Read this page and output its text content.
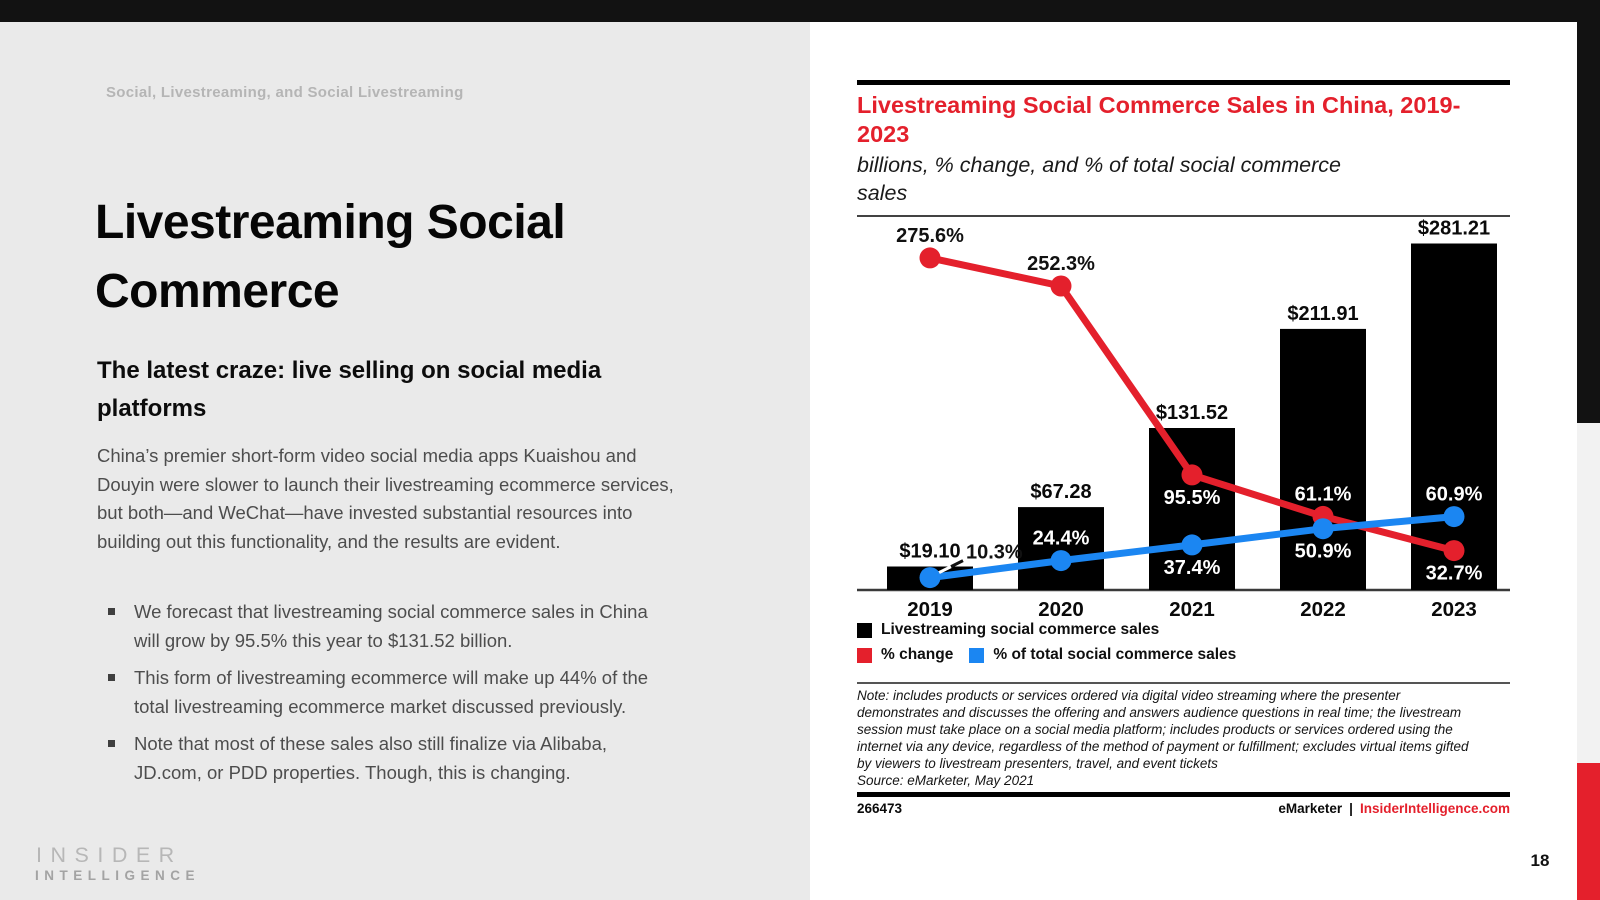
Social, Livestreaming, and Social Livestreaming
Livestreaming Social Commerce
The latest craze: live selling on social media platforms

China’s premier short-form video social media apps Kuaishou and Douyin were slower to launch their livestreaming ecommerce services, but both—and WeChat—have invested substantial resources into building out this functionality, and the results are evident.

We forecast that livestreaming social commerce sales in China will grow by 95.5% this year to $131.52 billion.
This form of livestreaming ecommerce will make up 44% of the total livestreaming ecommerce market discussed previously.
Note that most of these sales also still finalize via Alibaba, JD.com, or PDD properties. Though, this is changing.
INSIDER
INTELLIGENCE
Livestreaming Social Commerce Sales in China, 2019-2023
billions, % change, and % of total social commerce sales
$19.10
2019
$67.28
2020
$131.52
2021
$211.91
2022
$281.21
2023
275.6%
252.3%
95.5%	61.1%
32.7%
10.3%
24.4%
37.4%
50.9%
60.9%
Livestreaming social commerce sales
% change	% of total social commerce sales
Note: includes products or services ordered via digital video streaming where the presenter demonstrates and discusses the offering and answers audience questions in real time; the livestream session must take place on a social media platform; includes products or services ordered using the internet via any device, regardless of the method of payment or fulfillment; excludes virtual items gifted by viewers to livestream presenters, travel, and event tickets
Source: eMarketer, May 2021
266473	eMarketer | InsiderIntelligence.com
18
